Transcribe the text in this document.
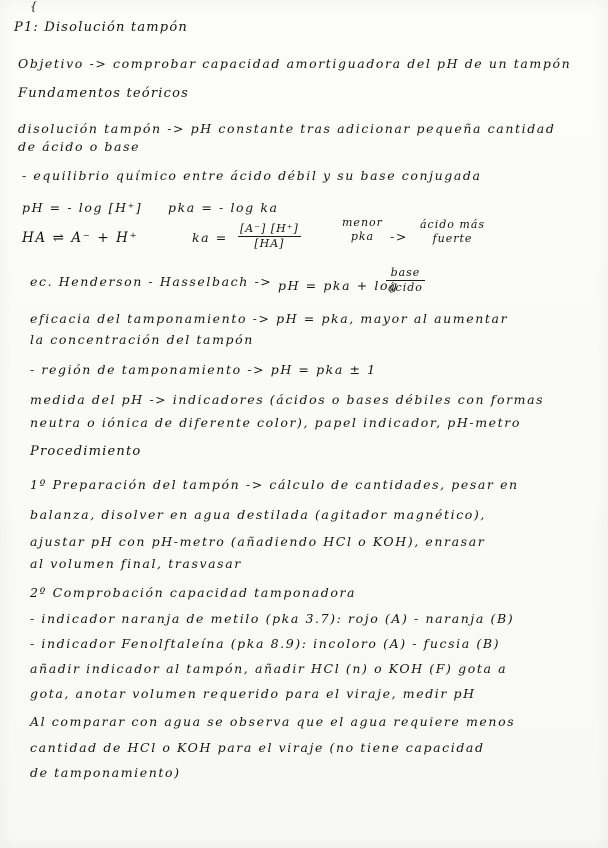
{
P1: Disolución tampón
Objetivo -> comprobar capacidad amortiguadora del pH de un tampón
Fundamentos teóricos
disolución tampón -> pH constante tras adicionar pequeña cantidad
de ácido o base
- equilibrio químico entre ácido débil y su base conjugada
pH = - log [H⁺] pka = - log ka
HA ⇌ A⁻ + H⁺	ka = $\frac{[A^-] [H^+]}{[HA]}$	menor
pka	->
ácido más
fuerte
ec. Henderson - Hasselbach -> pH = pka + log
base
ácido
eficacia del tamponamiento -> pH = pka, mayor al aumentar
la concentración del tampón
- región de tamponamiento -> pH = pka ± 1
medida del pH -> indicadores (ácidos o bases débiles con formas
neutra o iónica de diferente color), papel indicador, pH-metro
Procedimiento
1º Preparación del tampón -> cálculo de cantidades, pesar en
balanza, disolver en agua destilada (agitador magnético),
ajustar pH con pH-metro (añadiendo HCl o KOH), enrasar
al volumen final, trasvasar
2º Comprobación capacidad tamponadora
- indicador naranja de metilo (pka 3.7): rojo (A) - naranja (B)
- indicador Fenolftaleína (pka 8.9): incoloro (A) - fucsia (B)
añadir indicador al tampón, añadir HCl (n) o KOH (F) gota a
gota, anotar volumen requerido para el viraje, medir pH
Al comparar con agua se observa que el agua requiere menos
cantidad de HCl o KOH para el viraje (no tiene capacidad
de tamponamiento)
